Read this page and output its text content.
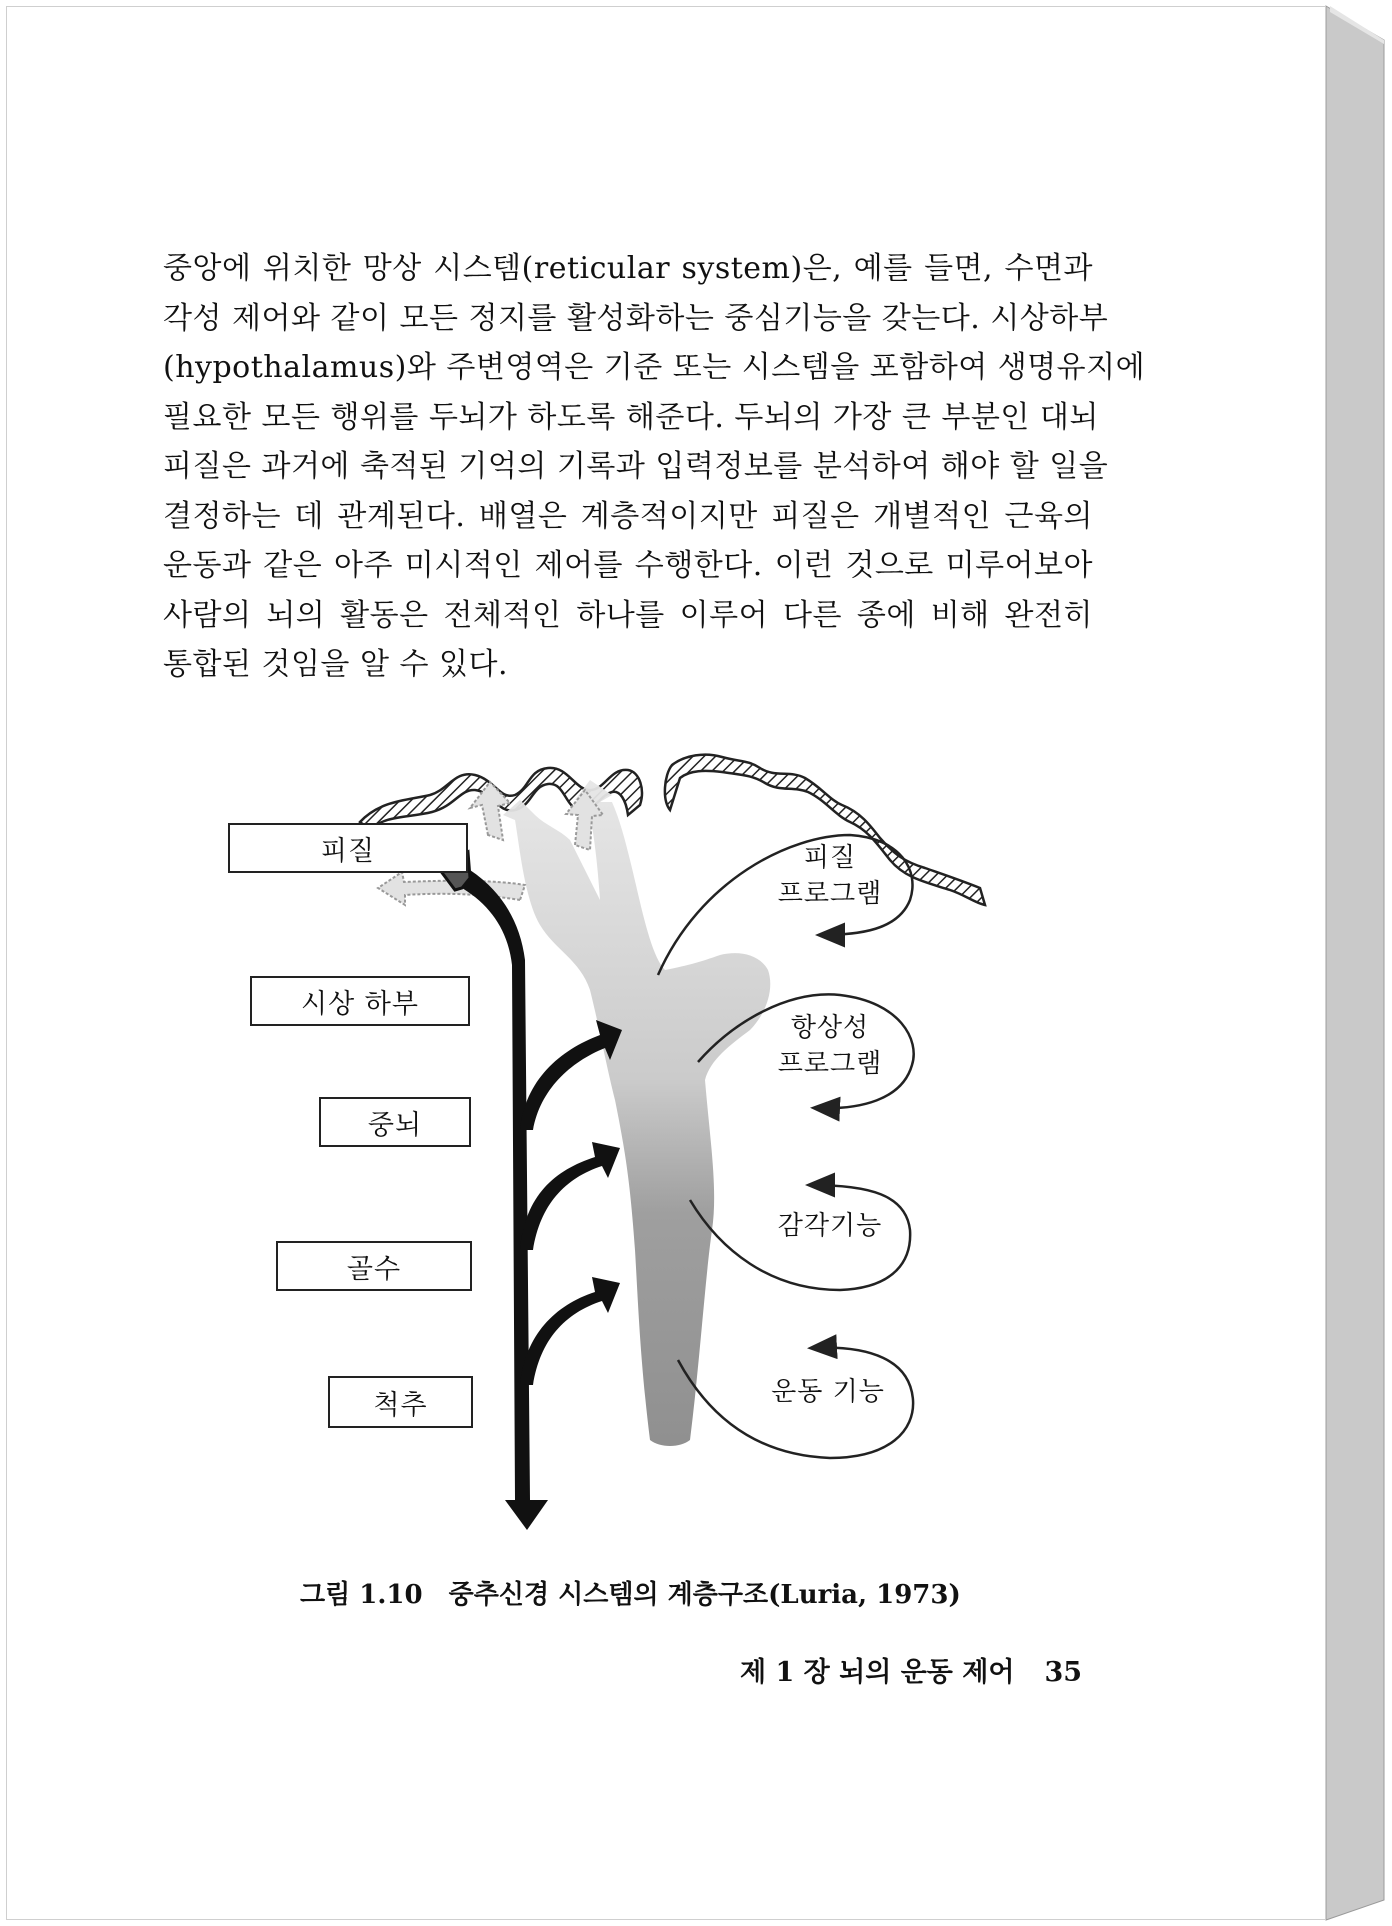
중앙에 위치한 망상 시스템(reticular system)은, 예를 들면, 수면과
각성 제어와 같이 모든 정지를 활성화하는 중심기능을 갖는다. 시상하부
(hypothalamus)와 주변영역은 기준 또는 시스템을 포함하여 생명유지에
필요한 모든 행위를 두뇌가 하도록 해준다. 두뇌의 가장 큰 부분인 대뇌
피질은 과거에 축적된 기억의 기록과 입력정보를 분석하여 해야 할 일을
결정하는 데 관계된다. 배열은 계층적이지만 피질은 개별적인 근육의
운동과 같은 아주 미시적인 제어를 수행한다. 이런 것으로 미루어보아
사람의 뇌의 활동은 전체적인 하나를 이루어 다른 종에 비해 완전히
통합된 것임을 알 수 있다.
피질
시상 하부
중뇌
골수
척추
피질
프로그램
항상성
프로그램
감각기능
운동 기능
그림 1.10 중추신경 시스템의 계층구조(Luria, 1973)
제 1 장 뇌의 운동 제어 35
